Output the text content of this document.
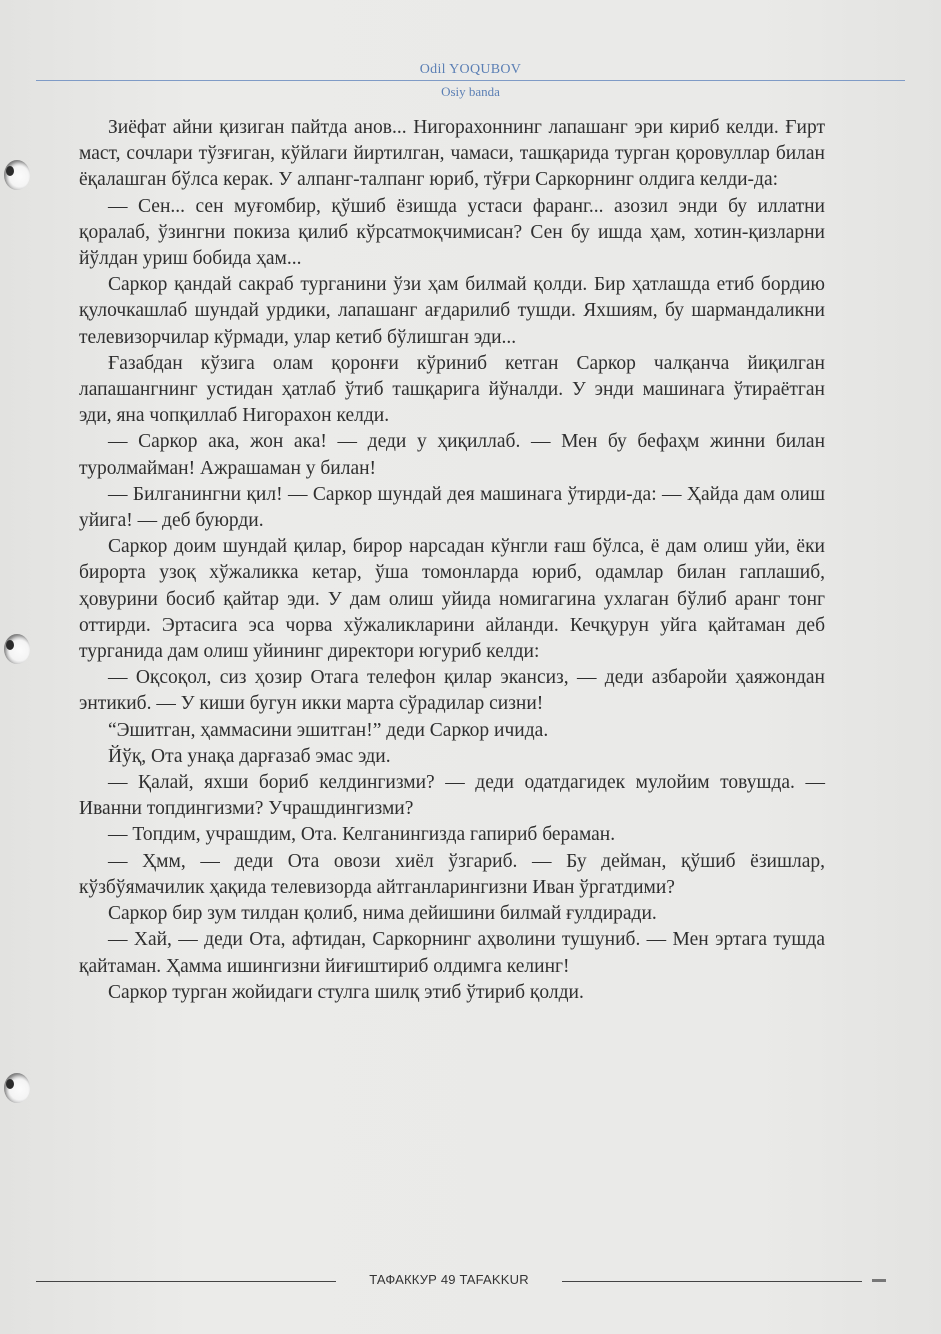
Odil YOQUBOV
Osiy banda

Зиёфат айни қизиган пайтда анов... Нигорахоннинг лапашанг эри кириб келди. Ғирт маст, сочлари тўзғиган, кўйлаги йиртилган, чамаси, ташқарида турган қоровуллар билан ёқалашган бўлса керак. У алпанг-талпанг юриб, тўғри Саркорнинг олдига келди-да:

— Сен... сен муғомбир, қўшиб ёзишда устаси фаранг... азозил энди бу иллатни қоралаб, ўзингни покиза қилиб кўрсатмоқчимисан? Сен бу ишда ҳам, хотин-қизларни йўлдан уриш бобида ҳам...

Саркор қандай сакраб турганини ўзи ҳам билмай қолди. Бир ҳатлашда етиб бордию қулочкашлаб шундай урдики, лапашанг ағдарилиб тушди. Яхшиям, бу шармандаликни телевизорчилар кўрмади, улар кетиб бўлишган эди...

Ғазабдан кўзига олам қоронғи кўриниб кетган Саркор чалқанча йиқилган лапашангнинг устидан ҳатлаб ўтиб ташқарига йўналди. У энди машинага ўтираётган эди, яна чопқиллаб Нигорахон келди.

— Саркор ака, жон ака! — деди у ҳиқиллаб. — Мен бу бефаҳм жинни билан туролмайман! Ажрашаман у билан!

— Билганингни қил! — Саркор шундай дея машинага ўтирди-да: — Ҳайда дам олиш уйига! — деб буюрди.

Саркор доим шундай қилар, бирор нарсадан кўнгли ғаш бўлса, ё дам олиш уйи, ёки бирорта узоқ хўжаликка кетар, ўша томонларда юриб, одамлар билан гаплашиб, ҳовурини босиб қайтар эди. У дам олиш уйида номигагина ухлаган бўлиб аранг тонг оттирди. Эртасига эса чорва хўжаликларини айланди. Кечқурун уйга қайтаман деб турганида дам олиш уйининг директори югуриб келди:

— Оқсоқол, сиз ҳозир Отага телефон қилар экансиз, — деди азбаройи ҳаяжондан энтикиб. — У киши бугун икки марта сўрадилар сизни!

“Эшитган, ҳаммасини эшитган!” деди Саркор ичида.

Йўқ, Ота унақа дарғазаб эмас эди.

— Қалай, яхши бориб келдингизми? — деди одатдагидек мулойим товушда. — Иванни топдингизми? Учрашдингизми?

— Топдим, учрашдим, Ота. Келганингизда гапириб бераман.

— Ҳмм, — деди Ота овози хиёл ўзгариб. — Бу дейман, қўшиб ёзишлар, кўзбўямачилик ҳақида телевизорда айтганларингизни Иван ўргатдими?

Саркор бир зум тилдан қолиб, нима дейишини билмай ғулдиради.

— Хай, — деди Ота, афтидан, Саркорнинг аҳволини тушуниб. — Мен эртага тушда қайтаман. Ҳамма ишингизни йиғиштириб олдимга келинг!

Саркор турган жойидаги стулга шилқ этиб ўтириб қолди.

ТАФАККУР 49 TAFAKKUR
